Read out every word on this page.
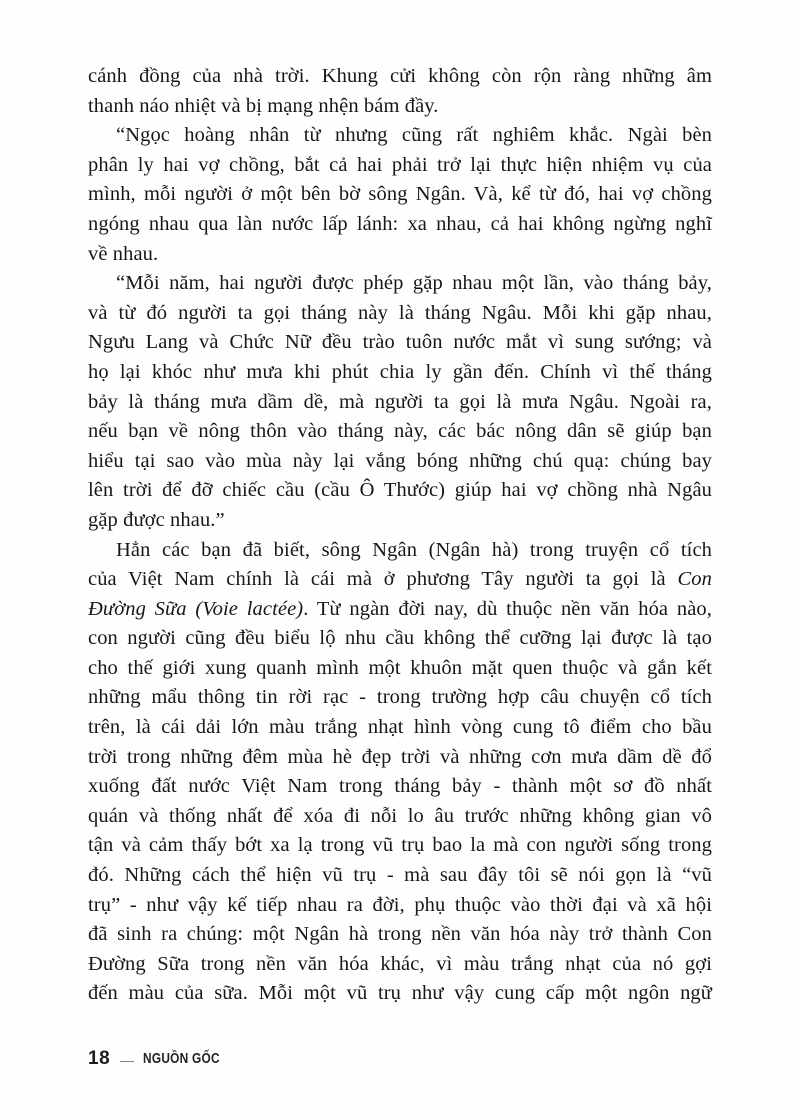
cánh đồng của nhà trời. Khung cửi không còn rộn ràng những âm
thanh náo nhiệt và bị mạng nhện bám đầy.
“Ngọc hoàng nhân từ nhưng cũng rất nghiêm khắc. Ngài bèn
phân ly hai vợ chồng, bắt cả hai phải trở lại thực hiện nhiệm vụ của
mình, mỗi người ở một bên bờ sông Ngân. Và, kể từ đó, hai vợ chồng
ngóng nhau qua làn nước lấp lánh: xa nhau, cả hai không ngừng nghĩ
về nhau.
“Mỗi năm, hai người được phép gặp nhau một lần, vào tháng bảy,
và từ đó người ta gọi tháng này là tháng Ngâu. Mỗi khi gặp nhau,
Ngưu Lang và Chức Nữ đều trào tuôn nước mắt vì sung sướng; và
họ lại khóc như mưa khi phút chia ly gần đến. Chính vì thế tháng
bảy là tháng mưa dầm dề, mà người ta gọi là mưa Ngâu. Ngoài ra,
nếu bạn về nông thôn vào tháng này, các bác nông dân sẽ giúp bạn
hiểu tại sao vào mùa này lại vắng bóng những chú quạ: chúng bay
lên trời để đỡ chiếc cầu (cầu Ô Thước) giúp hai vợ chồng nhà Ngâu
gặp được nhau.”
Hẳn các bạn đã biết, sông Ngân (Ngân hà) trong truyện cổ tích
của Việt Nam chính là cái mà ở phương Tây người ta gọi là Con
Đường Sữa (Voie lactée). Từ ngàn đời nay, dù thuộc nền văn hóa nào,
con người cũng đều biểu lộ nhu cầu không thể cưỡng lại được là tạo
cho thế giới xung quanh mình một khuôn mặt quen thuộc và gắn kết
những mẩu thông tin rời rạc - trong trường hợp câu chuyện cổ tích
trên, là cái dải lớn màu trắng nhạt hình vòng cung tô điểm cho bầu
trời trong những đêm mùa hè đẹp trời và những cơn mưa dầm dề đổ
xuống đất nước Việt Nam trong tháng bảy - thành một sơ đồ nhất
quán và thống nhất để xóa đi nỗi lo âu trước những không gian vô
tận và cảm thấy bớt xa lạ trong vũ trụ bao la mà con người sống trong
đó. Những cách thể hiện vũ trụ - mà sau đây tôi sẽ nói gọn là “vũ
trụ” - như vậy kế tiếp nhau ra đời, phụ thuộc vào thời đại và xã hội
đã sinh ra chúng: một Ngân hà trong nền văn hóa này trở thành Con
Đường Sữa trong nền văn hóa khác, vì màu trắng nhạt của nó gợi
đến màu của sữa. Mỗi một vũ trụ như vậy cung cấp một ngôn ngữ
18 — NGUỒN GỐC
